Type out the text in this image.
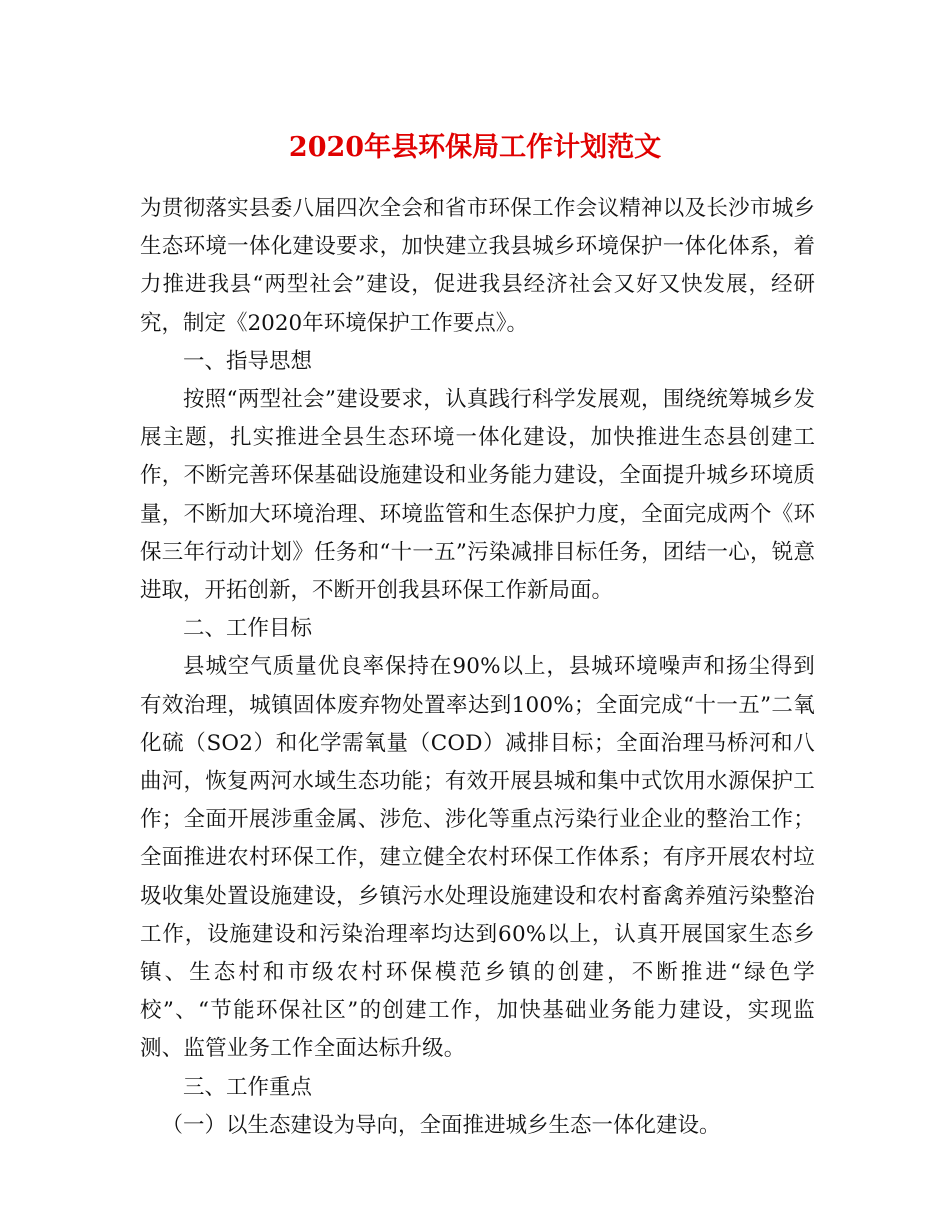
2020年县环保局工作计划范文

为贯彻落实县委八届四次全会和省市环保工作会议精神以及长沙市城乡生态环境一体化建设要求，加快建立我县城乡环境保护一体化体系，着力推进我县“两型社会”建设，促进我县经济社会又好又快发展，经研究，制定《2020年环境保护工作要点》。

一、指导思想

按照“两型社会”建设要求，认真践行科学发展观，围绕统筹城乡发展主题，扎实推进全县生态环境一体化建设，加快推进生态县创建工作，不断完善环保基础设施建设和业务能力建设，全面提升城乡环境质量，不断加大环境治理、环境监管和生态保护力度，全面完成两个《环保三年行动计划》任务和“十一五”污染减排目标任务，团结一心，锐意进取，开拓创新，不断开创我县环保工作新局面。

二、工作目标

县城空气质量优良率保持在90%以上，县城环境噪声和扬尘得到有效治理，城镇固体废弃物处置率达到100%；全面完成“十一五”二氧化硫（SO2）和化学需氧量（COD）减排目标；全面治理马桥河和八曲河，恢复两河水域生态功能；有效开展县城和集中式饮用水源保护工作；全面开展涉重金属、涉危、涉化等重点污染行业企业的整治工作；全面推进农村环保工作，建立健全农村环保工作体系；有序开展农村垃圾收集处置设施建设，乡镇污水处理设施建设和农村畜禽养殖污染整治工作，设施建设和污染治理率均达到60%以上，认真开展国家生态乡镇、生态村和市级农村环保模范乡镇的创建，不断推进“绿色学校”、“节能环保社区”的创建工作，加快基础业务能力建设，实现监测、监管业务工作全面达标升级。

三、工作重点

（一）以生态建设为导向，全面推进城乡生态一体化建设。
